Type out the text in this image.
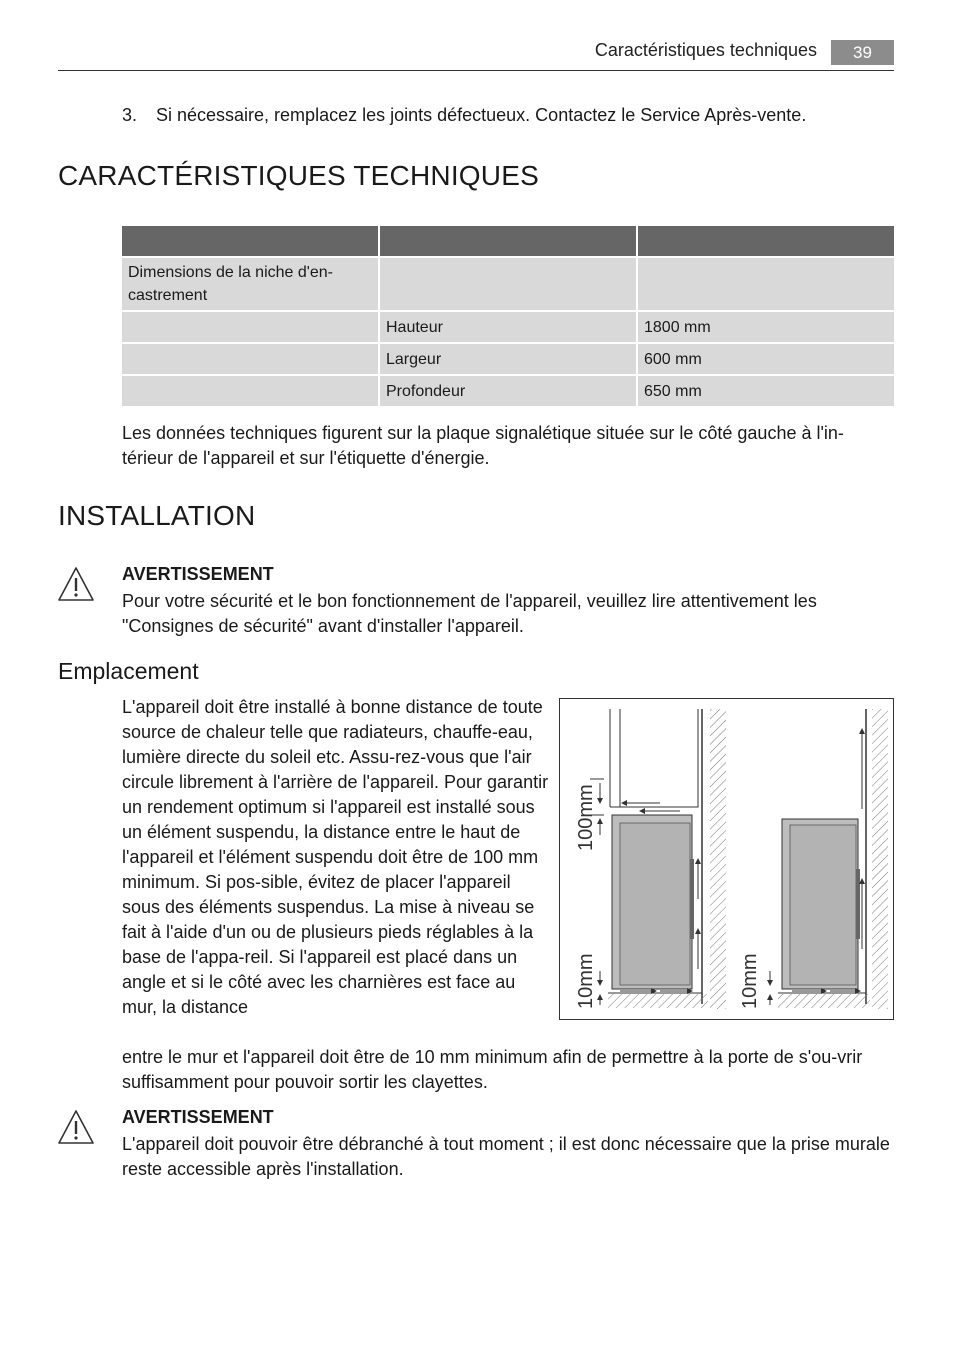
Caractéristiques techniques	39
3. Si nécessaire, remplacez les joints défectueux. Contactez le Service Après-vente.
CARACTÉRISTIQUES TECHNIQUES

Dimensions de la niche d'en-castrement		
	Hauteur	1800 mm
	Largeur	600 mm
	Profondeur	650 mm
Les données techniques figurent sur la plaque signalétique située sur le côté gauche à l'in-térieur de l'appareil et sur l'étiquette d'énergie.
INSTALLATION
AVERTISSEMENT
Pour votre sécurité et le bon fonctionnement de l'appareil, veuillez lire attentivement les "Consignes de sécurité" avant d'installer l'appareil.
Emplacement
L'appareil doit être installé à bonne distance de toute source de chaleur telle que radiateurs, chauffe-eau, lumière directe du soleil etc. Assu-rez-vous que l'air circule librement à l'arrière de l'appareil. Pour garantir un rendement optimum si l'appareil est installé sous un élément suspendu, la distance entre le haut de l'appareil et l'élément suspendu doit être de 100 mm minimum. Si pos-sible, évitez de placer l'appareil sous des éléments suspendus. La mise à niveau se fait à l'aide d'un ou de plusieurs pieds réglables à la base de l'appa-reil. Si l'appareil est placé dans un angle et si le côté avec les charnières est face au mur, la distance
entre le mur et l'appareil doit être de 10 mm minimum afin de permettre à la porte de s'ou-vrir suffisamment pour pouvoir sortir les clayettes.
100mm
10mm	10mm
AVERTISSEMENT
L'appareil doit pouvoir être débranché à tout moment ; il est donc nécessaire que la prise murale reste accessible après l'installation.
